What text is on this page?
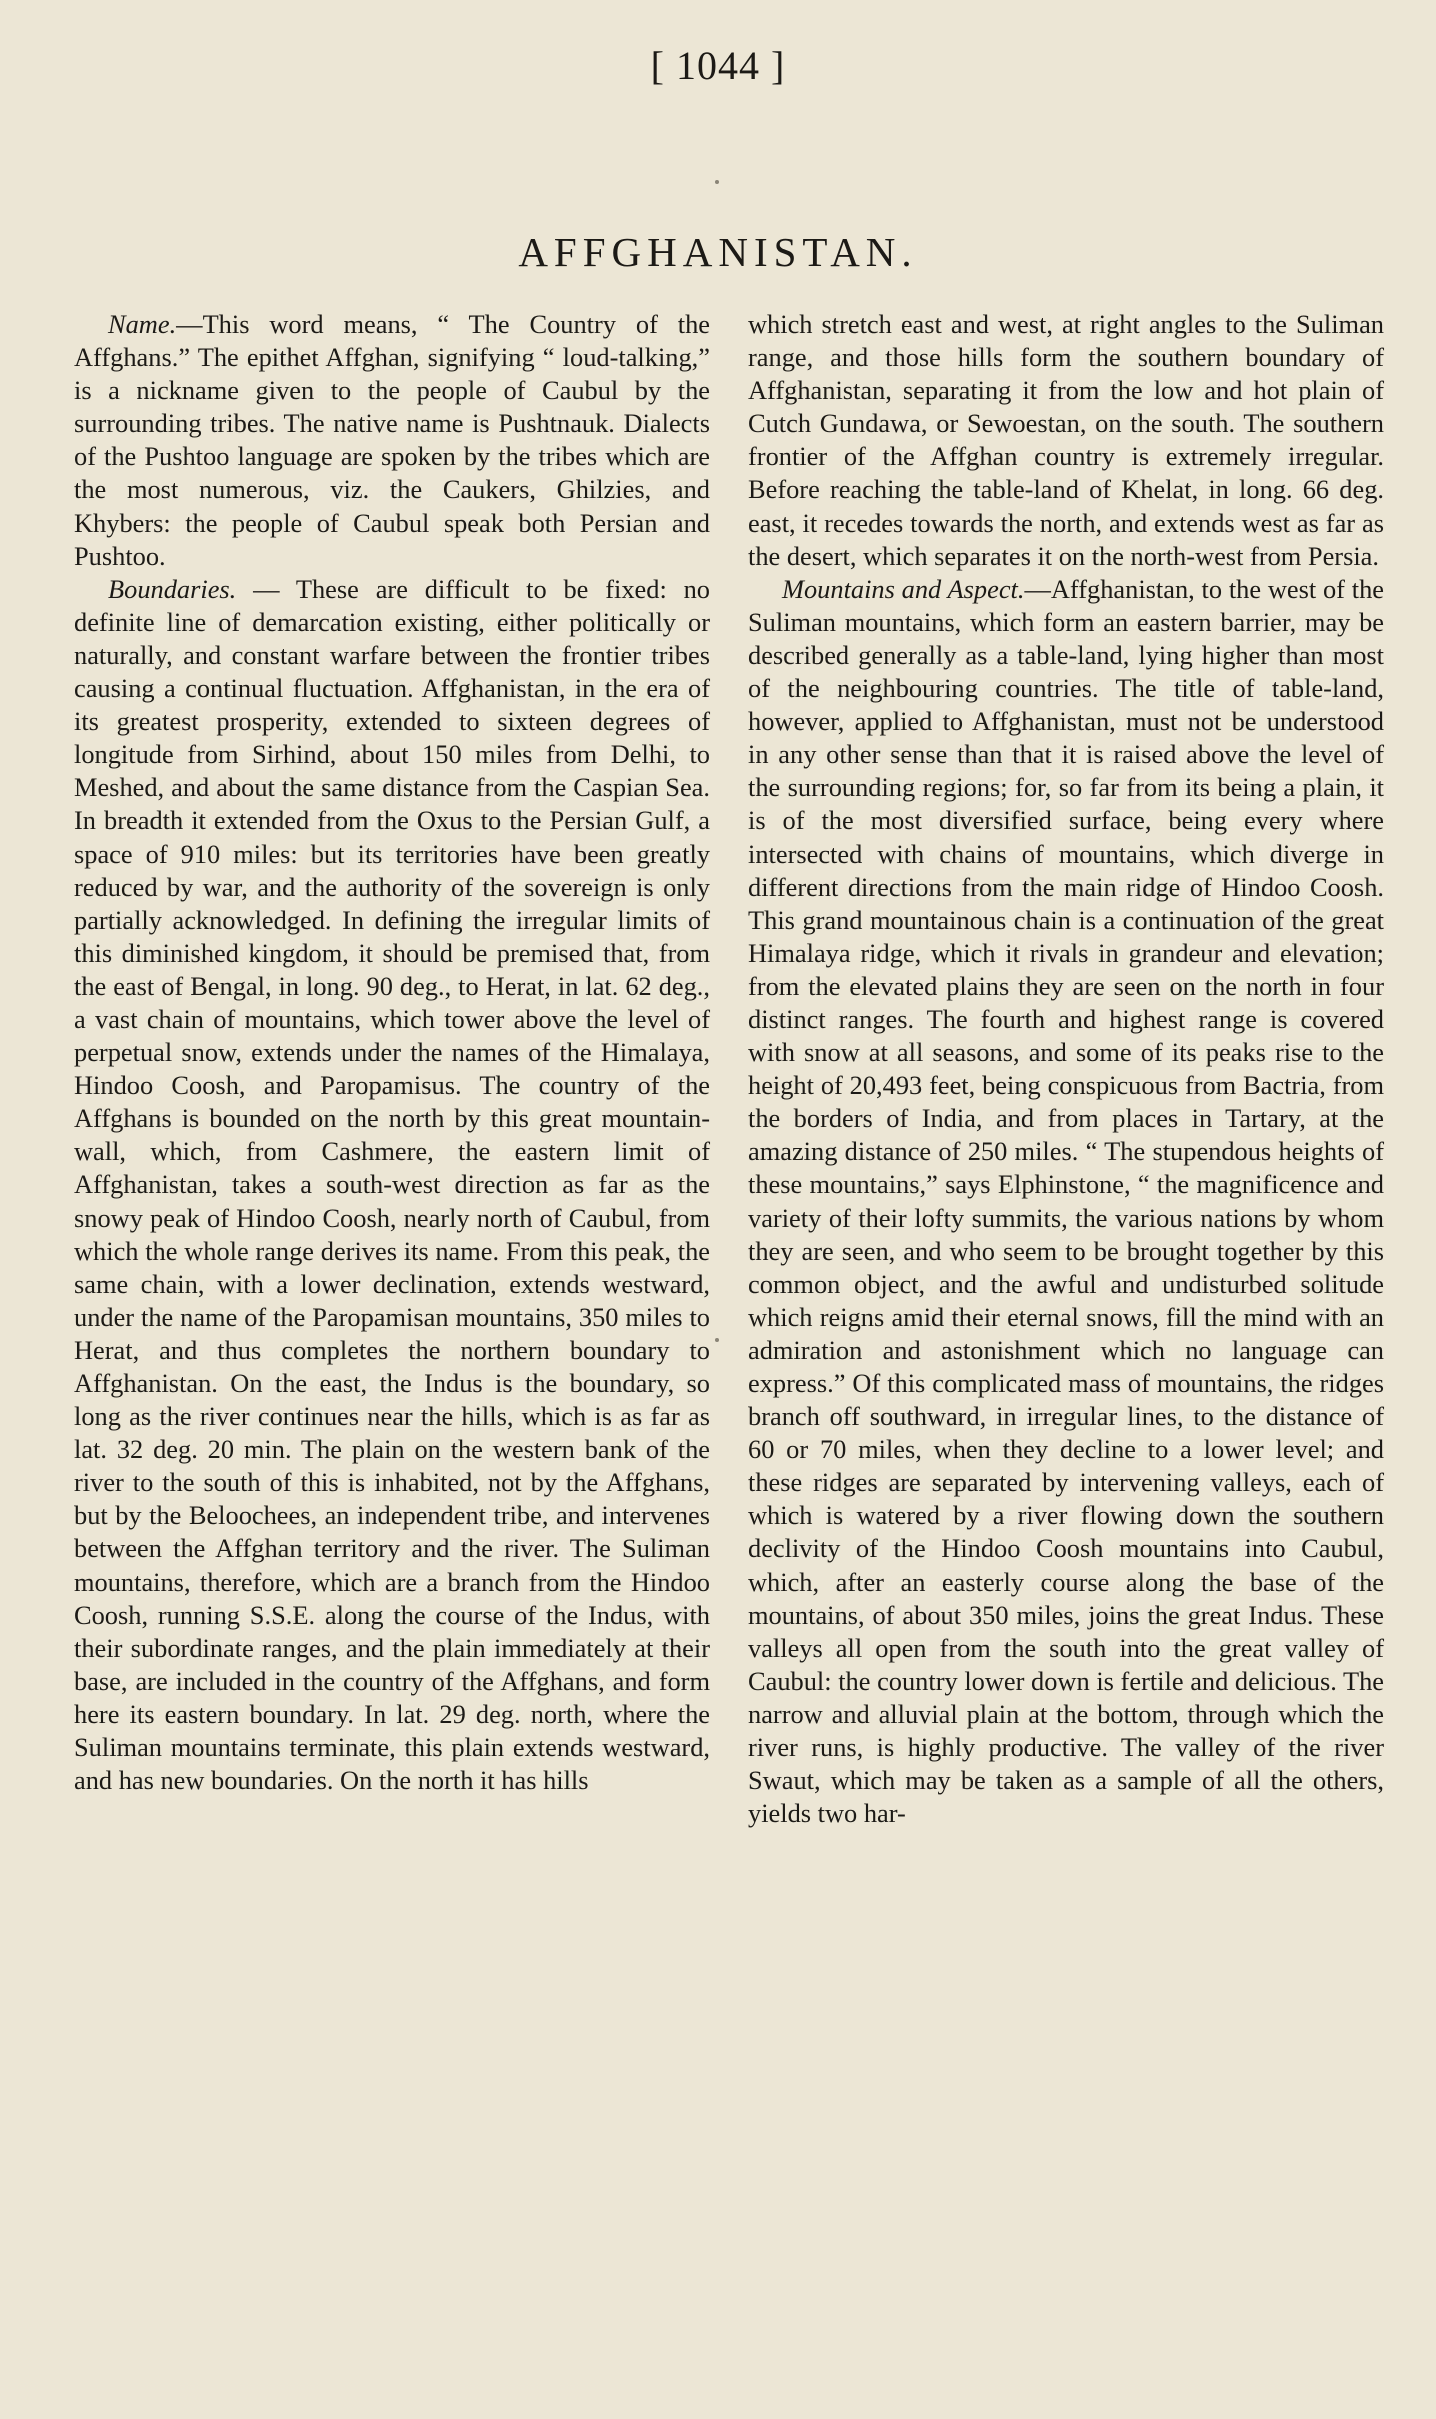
[ 1044 ]
AFFGHANISTAN.

Name.—This word means, “ The Country of the Affghans.” The epithet Affghan, signifying “ loud-talking,” is a nickname given to the people of Caubul by the surrounding tribes. The native name is Pushtnauk. Dialects of the Pushtoo language are spoken by the tribes which are the most numerous, viz. the Caukers, Ghilzies, and Khybers: the people of Caubul speak both Persian and Pushtoo.

Boundaries. — These are difficult to be fixed: no definite line of demarcation existing, either politically or naturally, and constant warfare between the frontier tribes causing a continual fluctuation. Affghanistan, in the era of its greatest prosperity, extended to sixteen degrees of longitude from Sirhind, about 150 miles from Delhi, to Meshed, and about the same distance from the Caspian Sea. In breadth it extended from the Oxus to the Persian Gulf, a space of 910 miles: but its territories have been greatly reduced by war, and the authority of the sovereign is only partially acknowledged. In defining the irregular limits of this diminished kingdom, it should be premised that, from the east of Bengal, in long. 90 deg., to Herat, in lat. 62 deg., a vast chain of mountains, which tower above the level of perpetual snow, extends under the names of the Himalaya, Hindoo Coosh, and Paropamisus. The country of the Affghans is bounded on the north by this great mountain-wall, which, from Cashmere, the eastern limit of Affghanistan, takes a south-west direction as far as the snowy peak of Hindoo Coosh, nearly north of Caubul, from which the whole range derives its name. From this peak, the same chain, with a lower declination, extends westward, under the name of the Paropamisan mountains, 350 miles to Herat, and thus completes the northern boundary to Affghanistan. On the east, the Indus is the boundary, so long as the river continues near the hills, which is as far as lat. 32 deg. 20 min. The plain on the western bank of the river to the south of this is inhabited, not by the Affghans, but by the Beloochees, an independent tribe, and intervenes between the Affghan territory and the river. The Suliman mountains, therefore, which are a branch from the Hindoo Coosh, running S.S.E. along the course of the Indus, with their subordinate ranges, and the plain immediately at their base, are included in the country of the Affghans, and form here its eastern boundary. In lat. 29 deg. north, where the Suliman mountains terminate, this plain extends westward, and has new boundaries. On the north it has hills

which stretch east and west, at right angles to the Suliman range, and those hills form the southern boundary of Affghanistan, separating it from the low and hot plain of Cutch Gundawa, or Sewoestan, on the south. The southern frontier of the Affghan country is extremely irregular. Before reaching the table-land of Khelat, in long. 66 deg. east, it recedes towards the north, and extends west as far as the desert, which separates it on the north-west from Persia.

Mountains and Aspect.—Affghanistan, to the west of the Suliman mountains, which form an eastern barrier, may be described generally as a table-land, lying higher than most of the neighbouring countries. The title of table-land, however, applied to Affghanistan, must not be understood in any other sense than that it is raised above the level of the surrounding regions; for, so far from its being a plain, it is of the most diversified surface, being every where intersected with chains of mountains, which diverge in different directions from the main ridge of Hindoo Coosh. This grand mountainous chain is a continuation of the great Himalaya ridge, which it rivals in grandeur and elevation; from the elevated plains they are seen on the north in four distinct ranges. The fourth and highest range is covered with snow at all seasons, and some of its peaks rise to the height of 20,493 feet, being conspicuous from Bactria, from the borders of India, and from places in Tartary, at the amazing distance of 250 miles. “ The stupendous heights of these mountains,” says Elphinstone, “ the magnificence and variety of their lofty summits, the various nations by whom they are seen, and who seem to be brought together by this common object, and the awful and undisturbed solitude which reigns amid their eternal snows, fill the mind with an admiration and astonishment which no language can express.” Of this complicated mass of mountains, the ridges branch off southward, in irregular lines, to the distance of 60 or 70 miles, when they decline to a lower level; and these ridges are separated by intervening valleys, each of which is watered by a river flowing down the southern declivity of the Hindoo Coosh mountains into Caubul, which, after an easterly course along the base of the mountains, of about 350 miles, joins the great Indus. These valleys all open from the south into the great valley of Caubul: the country lower down is fertile and delicious. The narrow and alluvial plain at the bottom, through which the river runs, is highly productive. The valley of the river Swaut, which may be taken as a sample of all the others, yields two har-
